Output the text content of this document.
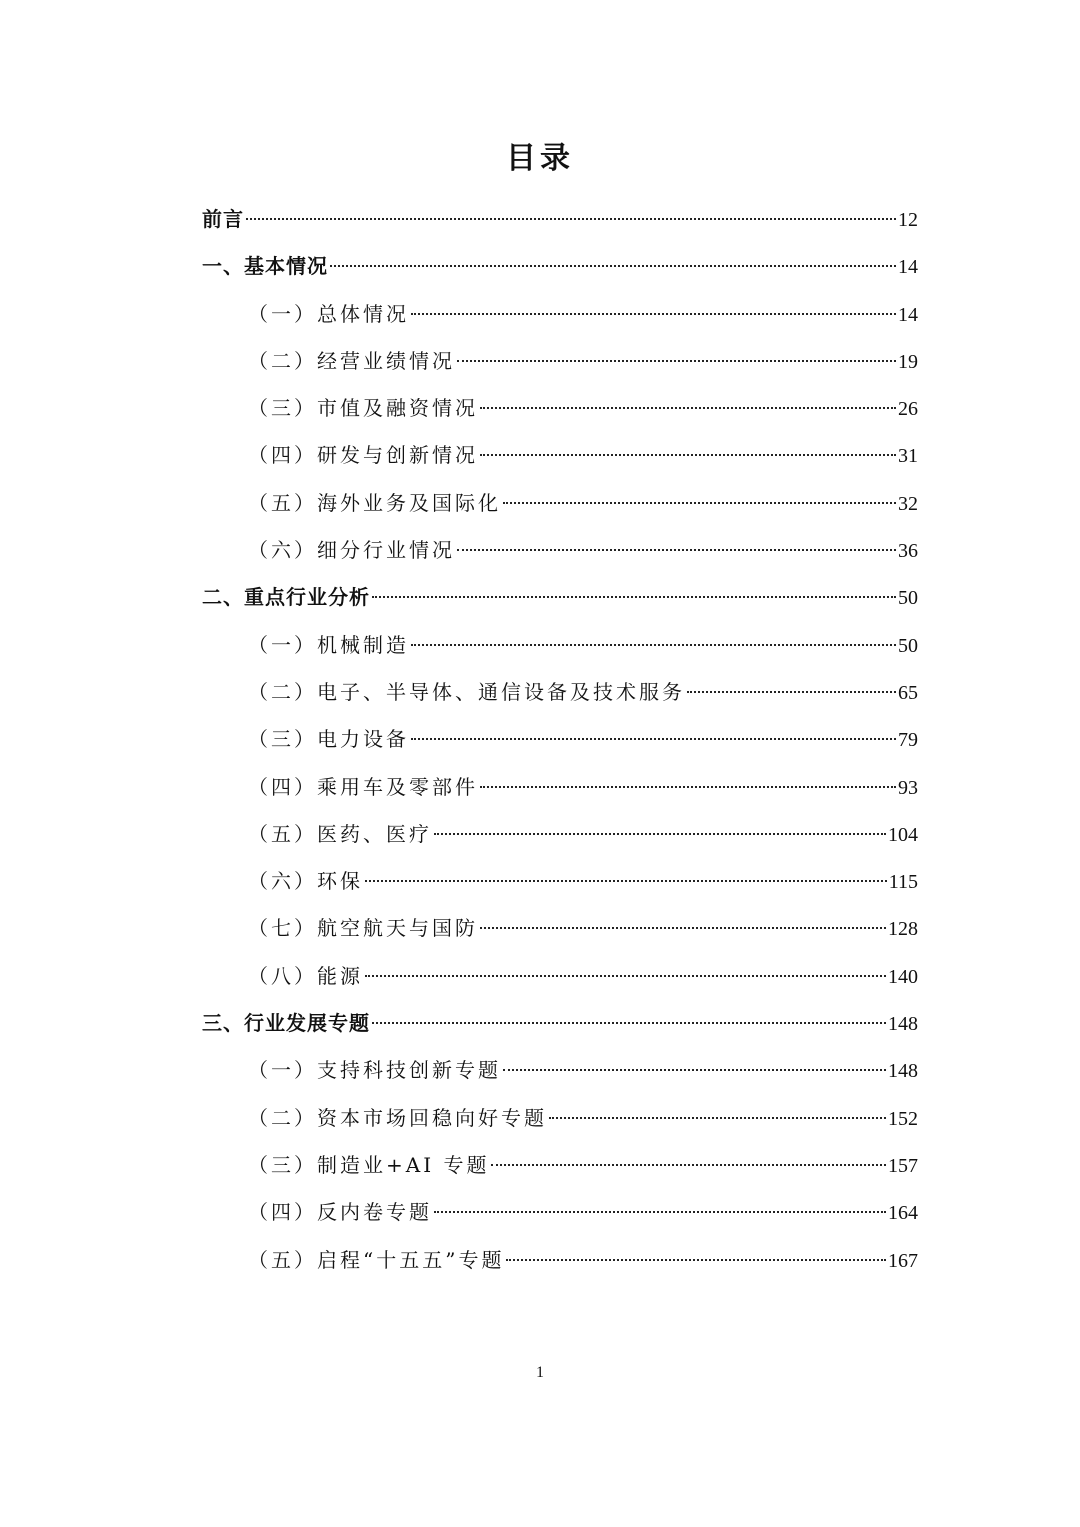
目录
前言	12
一、基本情况	14
（一）总体情况	14
（二）经营业绩情况	19
（三）市值及融资情况	26
（四）研发与创新情况	31
（五）海外业务及国际化	32
（六）细分行业情况	36
二、重点行业分析	50
（一）机械制造	50
（二）电子、半导体、通信设备及技术服务	65
（三）电力设备	79
（四）乘用车及零部件	93
（五）医药、医疗	104
（六）环保	115
（七）航空航天与国防	128
（八）能源	140
三、行业发展专题	148
（一）支持科技创新专题	148
（二）资本市场回稳向好专题	152
（三）制造业+AI 专题	157
（四）反内卷专题	164
（五）启程“十五五”专题	167
1
